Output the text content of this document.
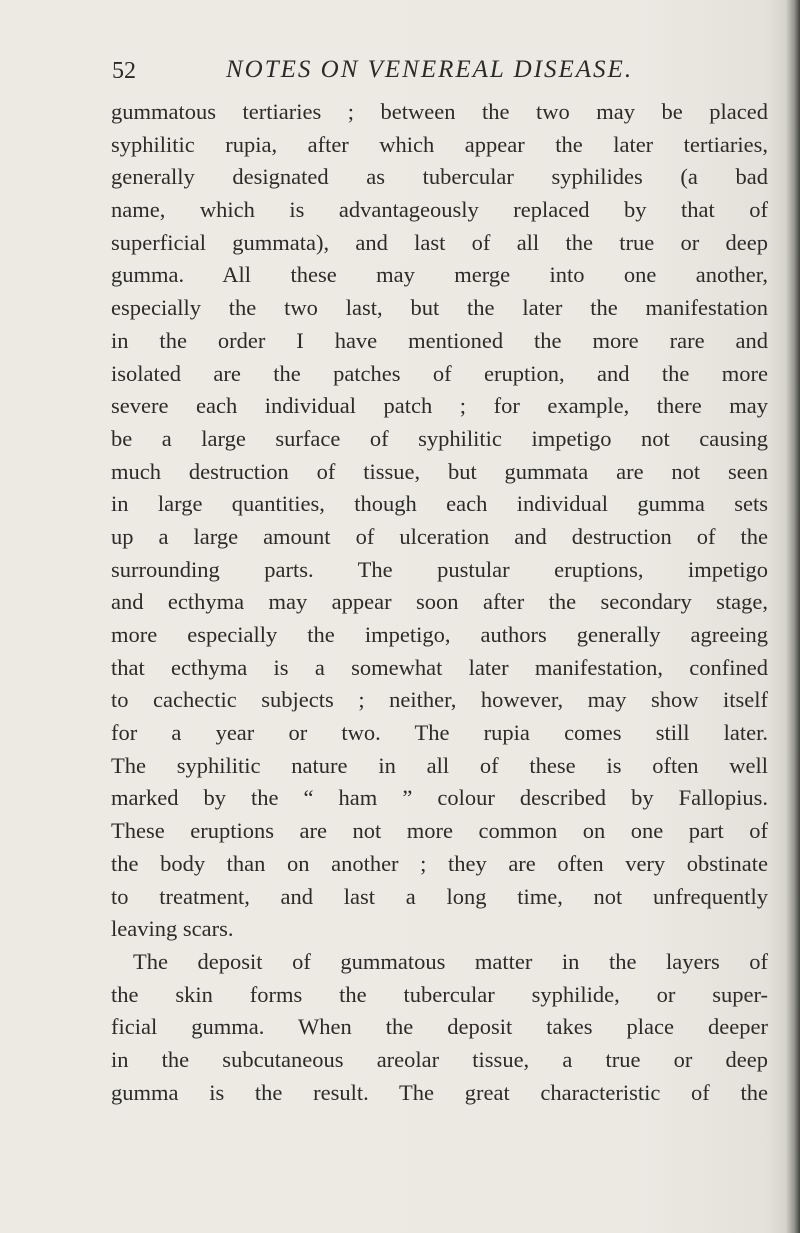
52	NOTES ON VENEREAL DISEASE.
gummatous tertiaries ; between the two may be placed
syphilitic rupia, after which appear the later tertiaries,
generally designated as tubercular syphilides (a bad
name, which is advantageously replaced by that of
superficial gummata), and last of all the true or deep
gumma. All these may merge into one another,
especially the two last, but the later the manifestation
in the order I have mentioned the more rare and
isolated are the patches of eruption, and the more
severe each individual patch ; for example, there may
be a large surface of syphilitic impetigo not causing
much destruction of tissue, but gummata are not seen
in large quantities, though each individual gumma sets
up a large amount of ulceration and destruction of the
surrounding parts. The pustular eruptions, impetigo
and ecthyma may appear soon after the secondary stage,
more especially the impetigo, authors generally agreeing
that ecthyma is a somewhat later manifestation, confined
to cachectic subjects ; neither, however, may show itself
for a year or two. The rupia comes still later.
The syphilitic nature in all of these is often well
marked by the “ ham ” colour described by Fallopius.
These eruptions are not more common on one part of
the body than on another ; they are often very obstinate
to treatment, and last a long time, not unfrequently
leaving scars.
The deposit of gummatous matter in the layers of
the skin forms the tubercular syphilide, or super-
ficial gumma. When the deposit takes place deeper
in the subcutaneous areolar tissue, a true or deep
gumma is the result. The great characteristic of the
